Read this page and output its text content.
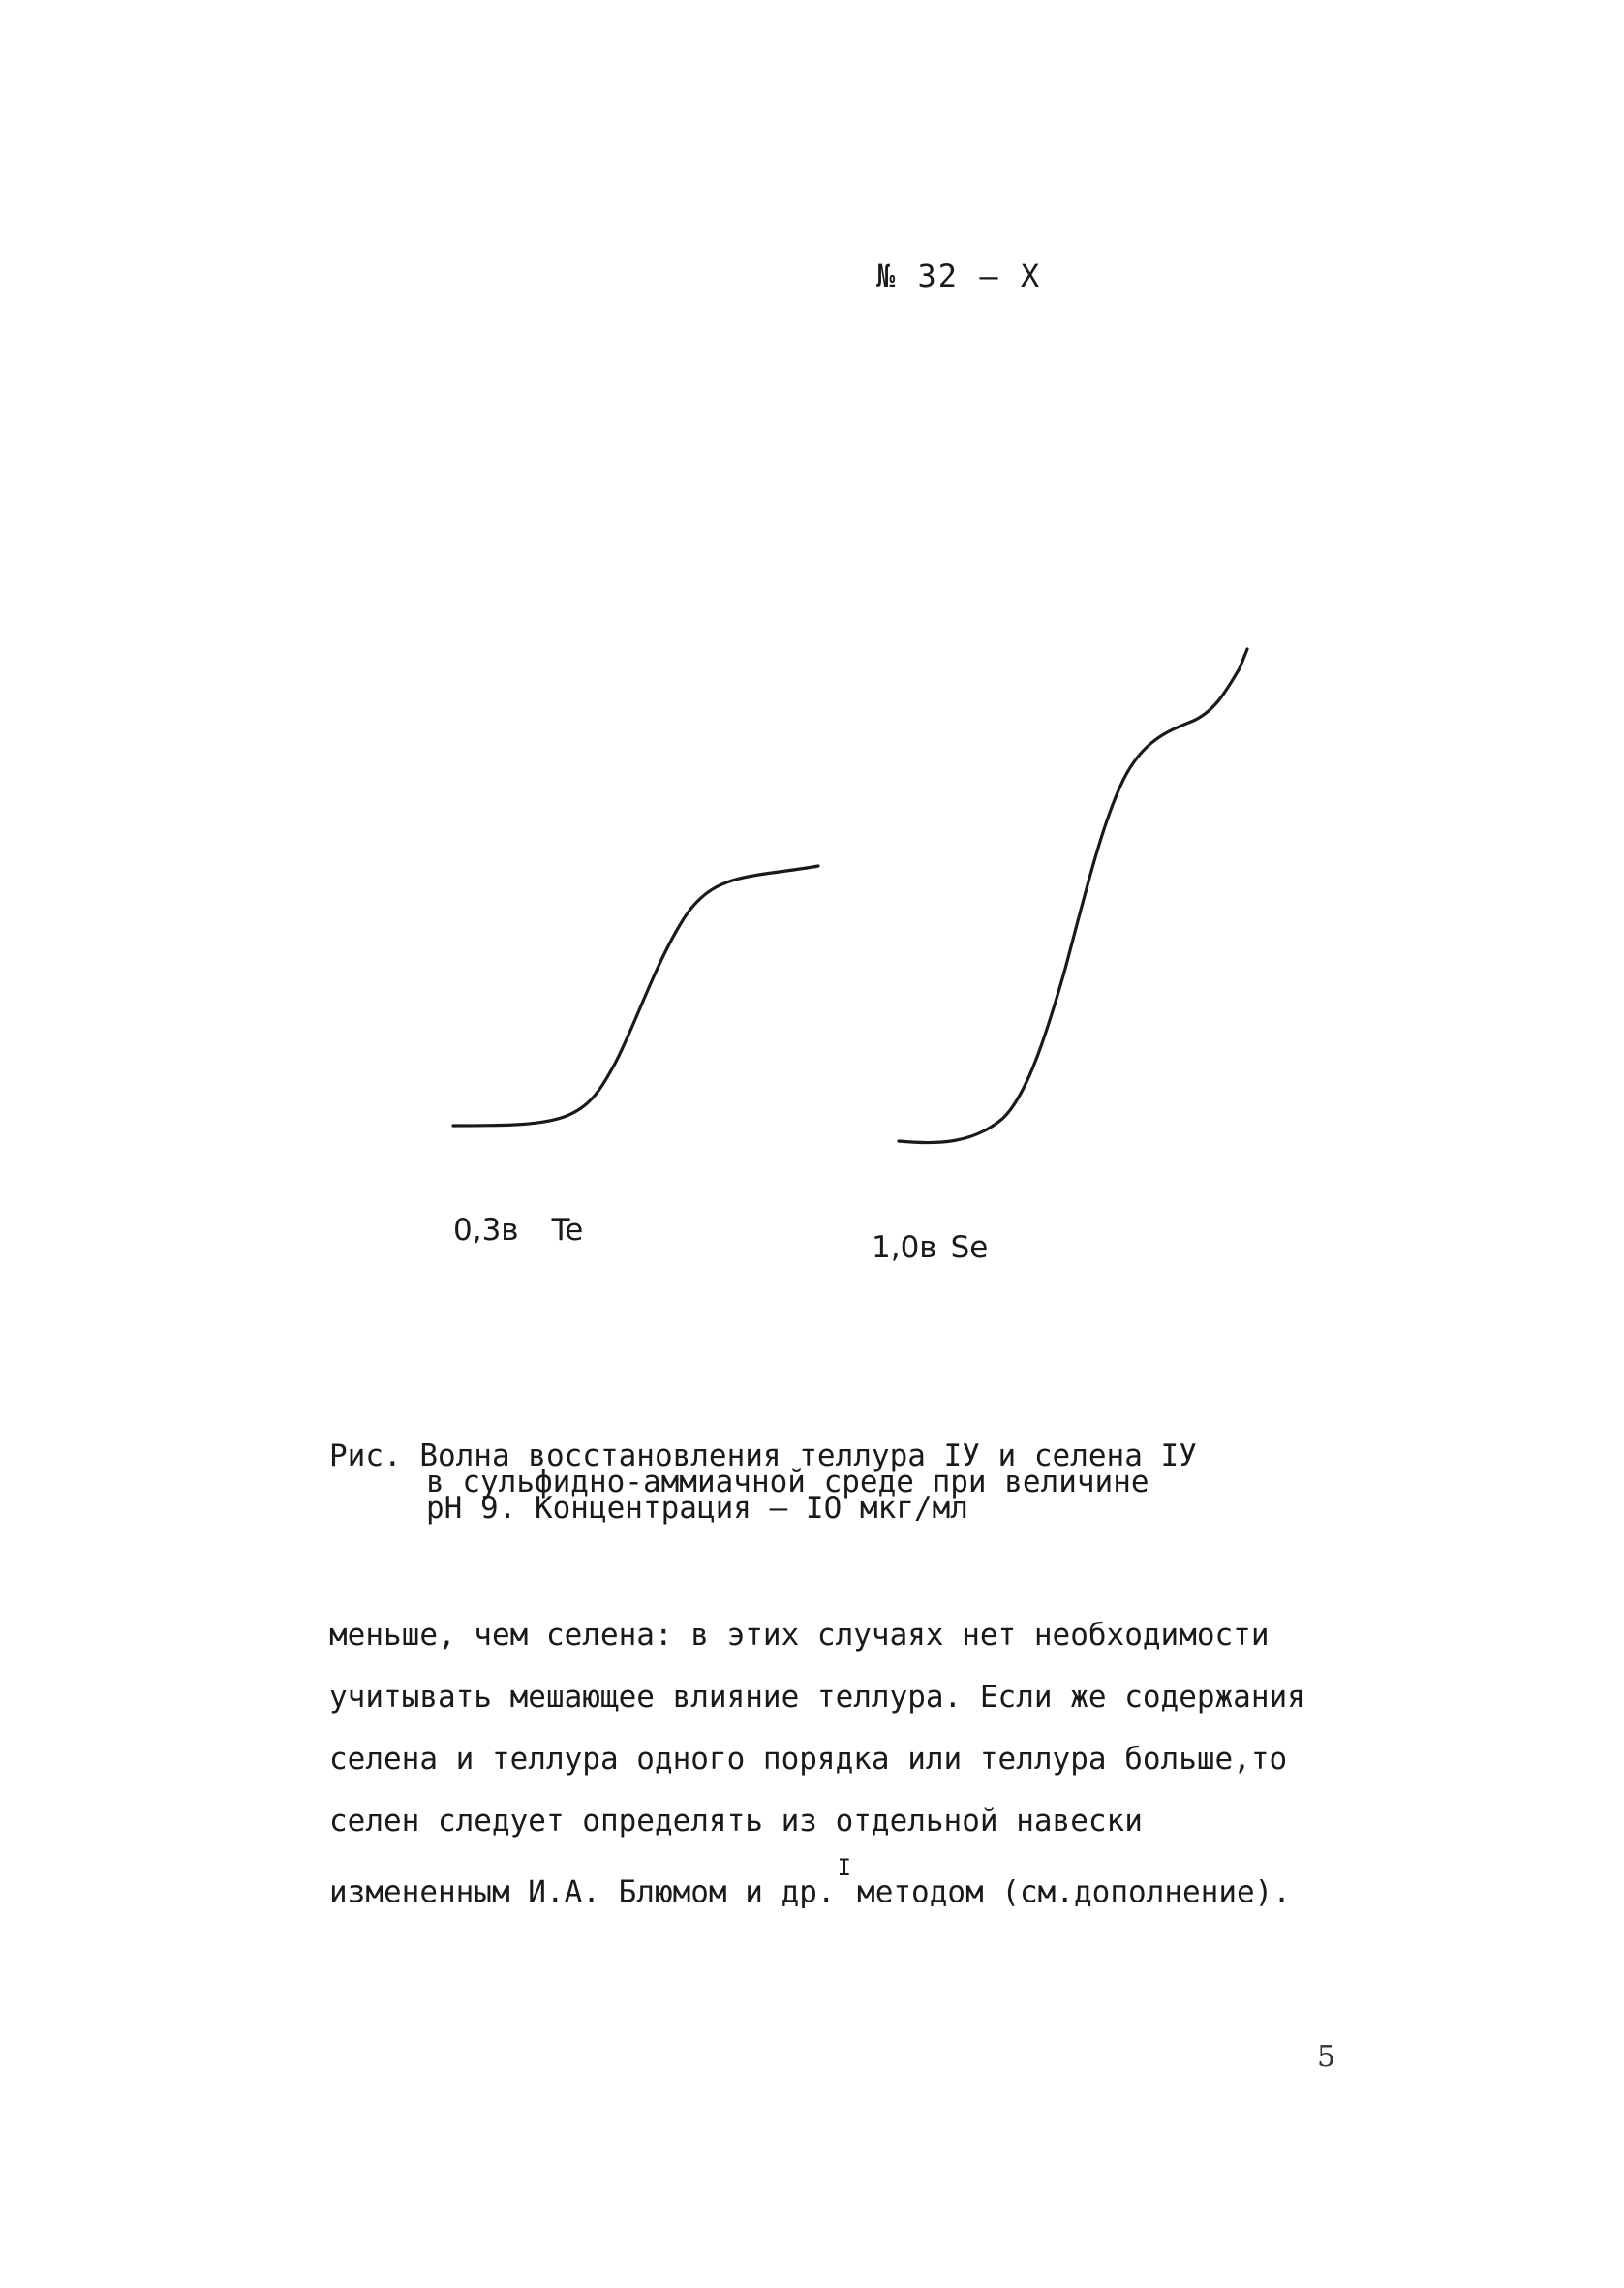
№ 32 – X
0,3в Te	1,0в Se
Рис. Волна восстановления теллура IУ и селена IУ
в сульфидно-аммиачной среде при величине
pH 9. Концентрация – IO мкг/мл
меньше, чем селена: в этих случаях нет необходимости
учитывать мешающее влияние теллура. Если же содержания
селена и теллура одного порядка или теллура больше,то
селен следует определять из отдельной навески
измененным И.А. Блюмом и др.$^I$методом (см.дополнение).
5
